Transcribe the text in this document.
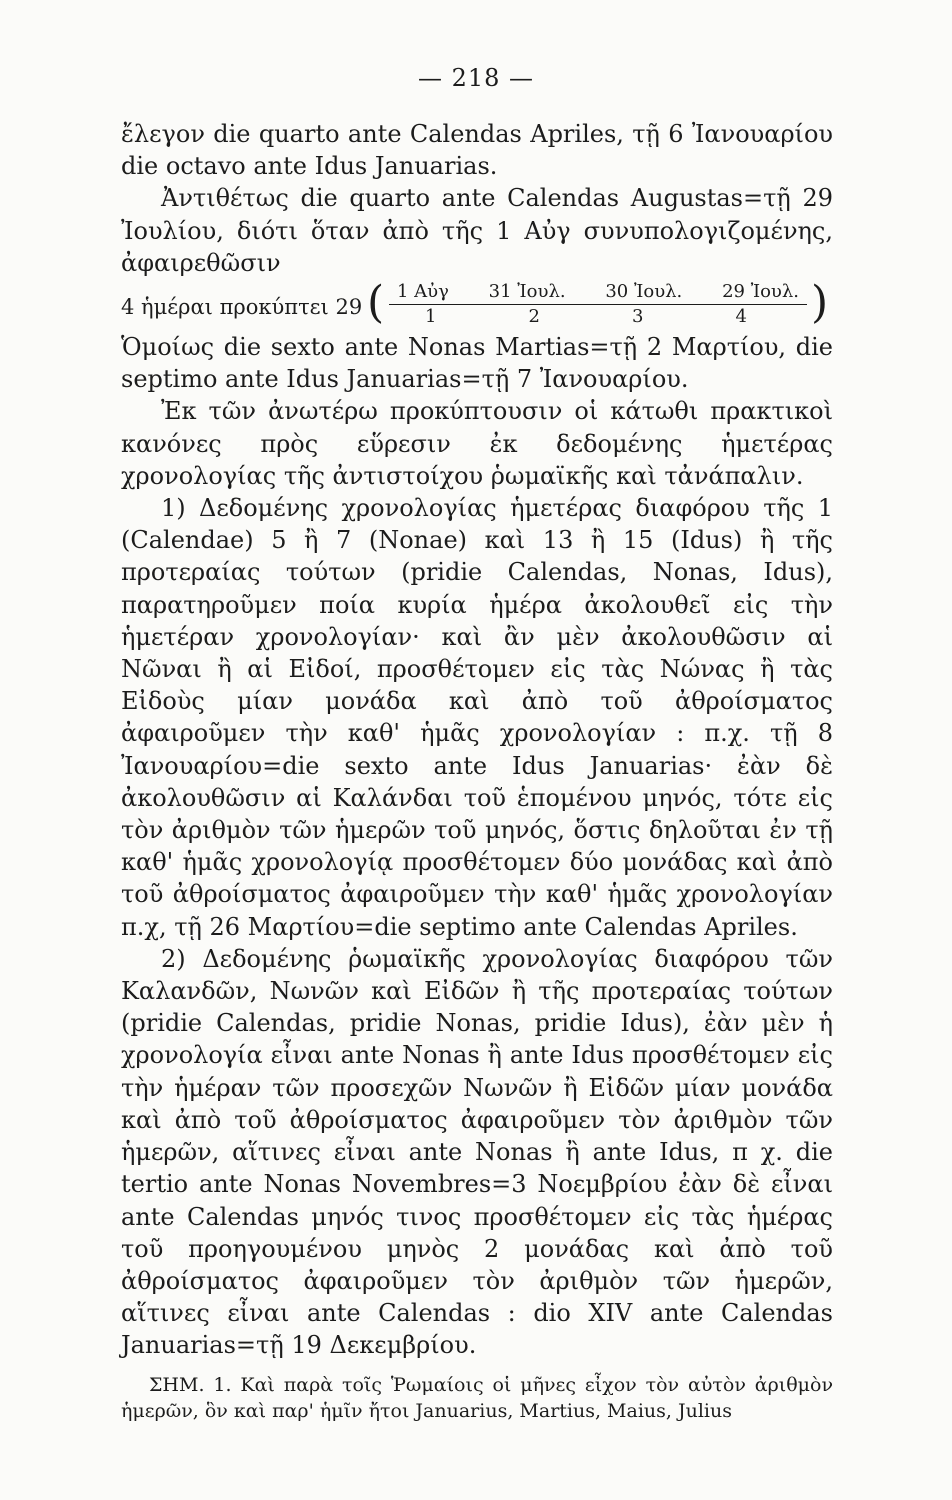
— 218 —

ἔλεγον die quarto ante Calendas Apriles, τῇ 6 Ἰανουαρίου die octavo ante Idus Januarias.

Ἀντιθέτως die quarto ante Calendas Augustas=τῇ 29 Ἰουλίου, διότι ὅταν ἀπὸ τῆς 1 Αὐγ συνυπολογιζομένης, ἀφαιρεθῶσιν

4 ἡμέραι προκύπτει 29 ( 1 Αὐγ 31 Ἰουλ. 30 Ἰουλ. 29 Ἰουλ.
1	2	3	4 )

Ὁμοίως die sexto ante Nonas Martias=τῇ 2 Μαρτίου, die septimo ante Idus Januarias=τῇ 7 Ἰανουαρίου.

Ἐκ τῶν ἀνωτέρω προκύπτουσιν οἱ κάτωθι πρακτικοὶ κανόνες πρὸς εὕρεσιν ἐκ δεδομένης ἡμετέρας χρονολογίας τῆς ἀντιστοίχου ῥωμαϊκῆς καὶ τἀνάπαλιν.

1) Δεδομένης χρονολογίας ἡμετέρας διαφόρου τῆς 1 (Calendae) 5 ἢ 7 (Nonae) καὶ 13 ἢ 15 (Idus) ἢ τῆς προτεραίας τούτων (pridie Calendas, Nonas, Idus), παρατηροῦμεν ποία κυρία ἡμέρα ἀκολουθεῖ εἰς τὴν ἡμετέραν χρονολογίαν· καὶ ἂν μὲν ἀκολουθῶσιν αἱ Νῶναι ἢ αἱ Εἰδοί, προσθέτομεν εἰς τὰς Νώνας ἢ τὰς Εἰδοὺς μίαν μονάδα καὶ ἀπὸ τοῦ ἀθροίσματος ἀφαιροῦμεν τὴν καθ' ἡμᾶς χρονολογίαν : π.χ. τῇ 8 Ἰανουαρίου=die sexto ante Idus Januarias· ἐὰν δὲ ἀκολουθῶσιν αἱ Καλάνδαι τοῦ ἑπομένου μηνός, τότε εἰς τὸν ἀριθμὸν τῶν ἡμερῶν τοῦ μηνός, ὅστις δηλοῦται ἐν τῇ καθ' ἡμᾶς χρονολογίᾳ προσθέτομεν δύο μονάδας καὶ ἀπὸ τοῦ ἀθροίσματος ἀφαιροῦμεν τὴν καθ' ἡμᾶς χρονολογίαν π.χ, τῇ 26 Μαρτίου=die septimo ante Calendas Apriles.

2) Δεδομένης ῥωμαϊκῆς χρονολογίας διαφόρου τῶν Καλανδῶν, Νωνῶν καὶ Εἰδῶν ἢ τῆς προτεραίας τούτων (pridie Calendas, pridie Nonas, pridie Idus), ἐὰν μὲν ἡ χρονολογία εἶναι ante Nonas ἢ ante Idus προσθέτομεν εἰς τὴν ἡμέραν τῶν προσεχῶν Νωνῶν ἢ Εἰδῶν μίαν μονάδα καὶ ἀπὸ τοῦ ἀθροίσματος ἀφαιροῦμεν τὸν ἀριθμὸν τῶν ἡμερῶν, αἵτινες εἶναι ante Nonas ἢ ante Idus, π χ. die tertio ante Nonas Novembres=3 Νοεμβρίου ἐὰν δὲ εἶναι ante Calendas μηνός τινος προσθέτομεν εἰς τὰς ἡμέρας τοῦ προηγουμένου μηνὸς 2 μονάδας καὶ ἀπὸ τοῦ ἀθροίσματος ἀφαιροῦμεν τὸν ἀριθμὸν τῶν ἡμερῶν, αἵτινες εἶναι ante Calendas : dio XIV ante Calendas Januarias=τῇ 19 Δεκεμβρίου.

ΣΗΜ. 1. Καὶ παρὰ τοῖς Ῥωμαίοις οἱ μῆνες εἶχον τὸν αὐτὸν ἀριθμὸν ἡμερῶν, ὃν καὶ παρ' ἡμῖν ἤτοι Januarius, Martius, Maius, Julius
